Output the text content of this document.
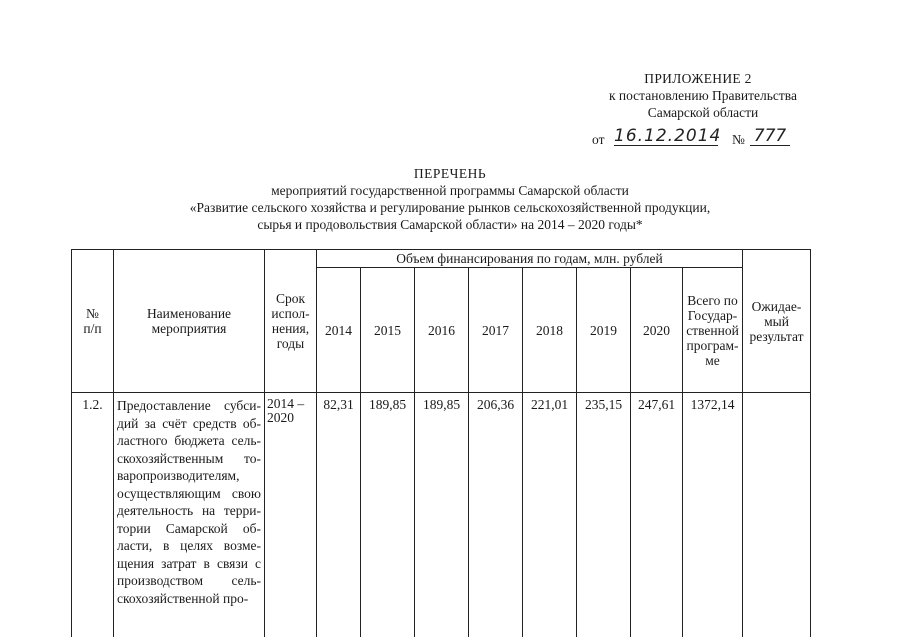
ПРИЛОЖЕНИЕ 2
к постановлению Правительства
Самарской области
от 16.12.2014 № 777
ПЕРЕЧЕНЬ
мероприятий государственной программы Самарской области
«Развитие сельского хозяйства и регулирование рынков сельскохозяйственной продукции,
сырья и продовольствия Самарской области» на 2014 – 2020 годы*
№ п/п	Наименование мероприятия	Срок испол-нения, годы	Объем финансирования по годам, млн. рублей								Ожидае-мый результат
			2014	2015	2016	2017	2018	2019	2020	Всего по Государ-ственной програм-ме	
1.2.	Предоставление субси-дий за счёт средств об-ластного бюджета сель-скохозяйственным то-варопроизводителям, осуществляющим свою деятельность на терри-тории Самарской об-ласти, в целях возме-щения затрат в связи с производством сель-скохозяйственной про-	2014 – 2020	82,31	189,85	189,85	206,36	221,01	235,15	247,61	1372,14	
